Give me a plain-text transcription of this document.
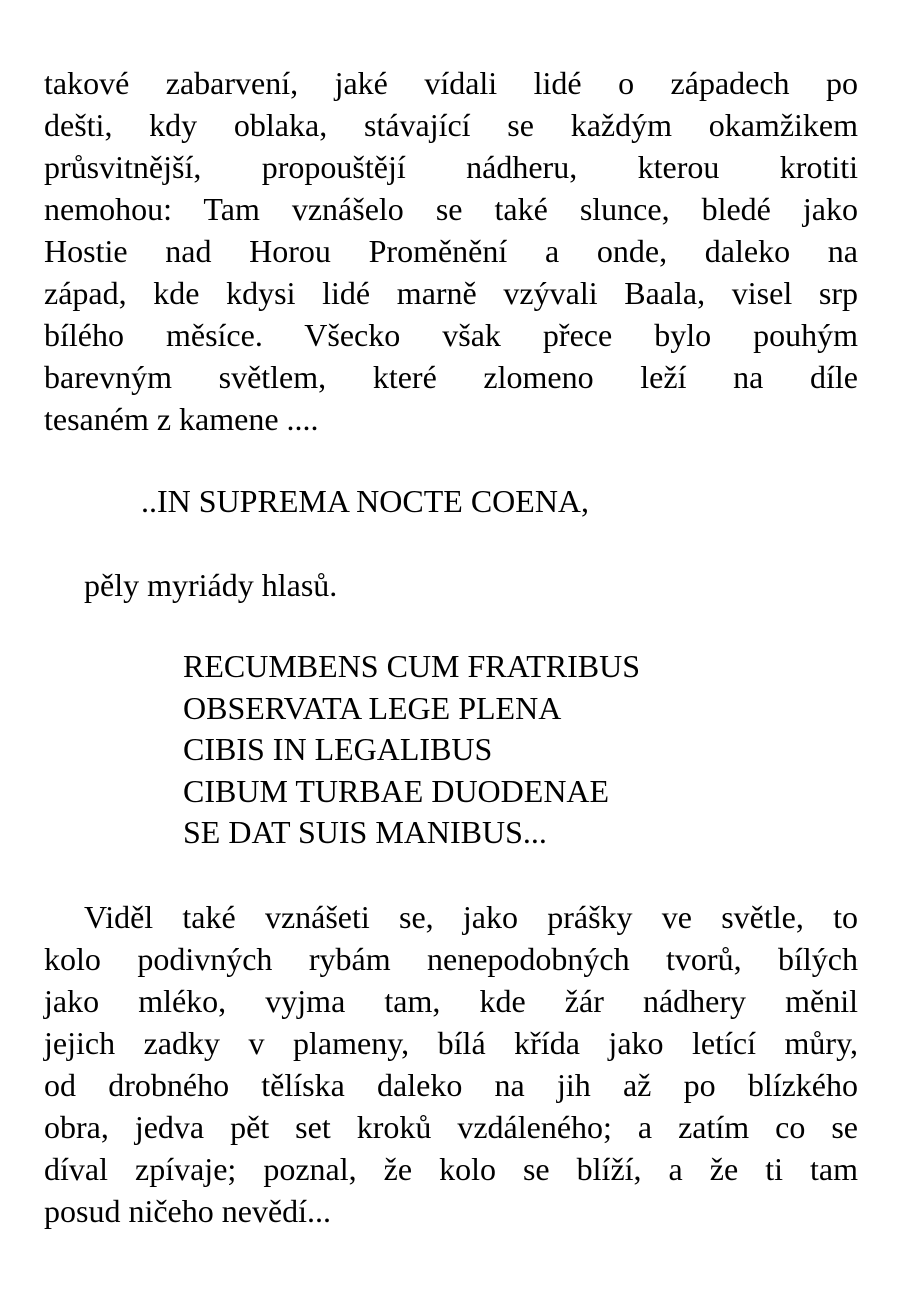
takové zabarvení, jaké vídali lidé o západech po
dešti, kdy oblaka, stávající se každým okamžikem
průsvitnější, propouštějí nádheru, kterou krotiti
nemohou: Tam vznášelo se také slunce, bledé jako
Hostie nad Horou Proměnění a onde, daleko na
západ, kde kdysi lidé marně vzývali Baala, visel srp
bílého měsíce. Všecko však přece bylo pouhým
barevným světlem, které zlomeno leží na díle
tesaném z kamene ....

..IN SUPREMA NOCTE COENA,

pěly myriády hlasů.

RECUMBENS CUM FRATRIBUS
OBSERVATA LEGE PLENA
CIBIS IN LEGALIBUS
CIBUM TURBAE DUODENAE
SE DAT SUIS MANIBUS...
Viděl také vznášeti se, jako prášky ve světle, to
kolo podivných rybám nenepodobných tvorů, bílých
jako mléko, vyjma tam, kde žár nádhery měnil
jejich zadky v plameny, bílá křída jako letící můry,
od drobného tělíska daleko na jih až po blízkého
obra, jedva pět set kroků vzdáleného; a zatím co se
díval zpívaje; poznal, že kolo se blíží, a že ti tam
posud ničeho nevědí...
